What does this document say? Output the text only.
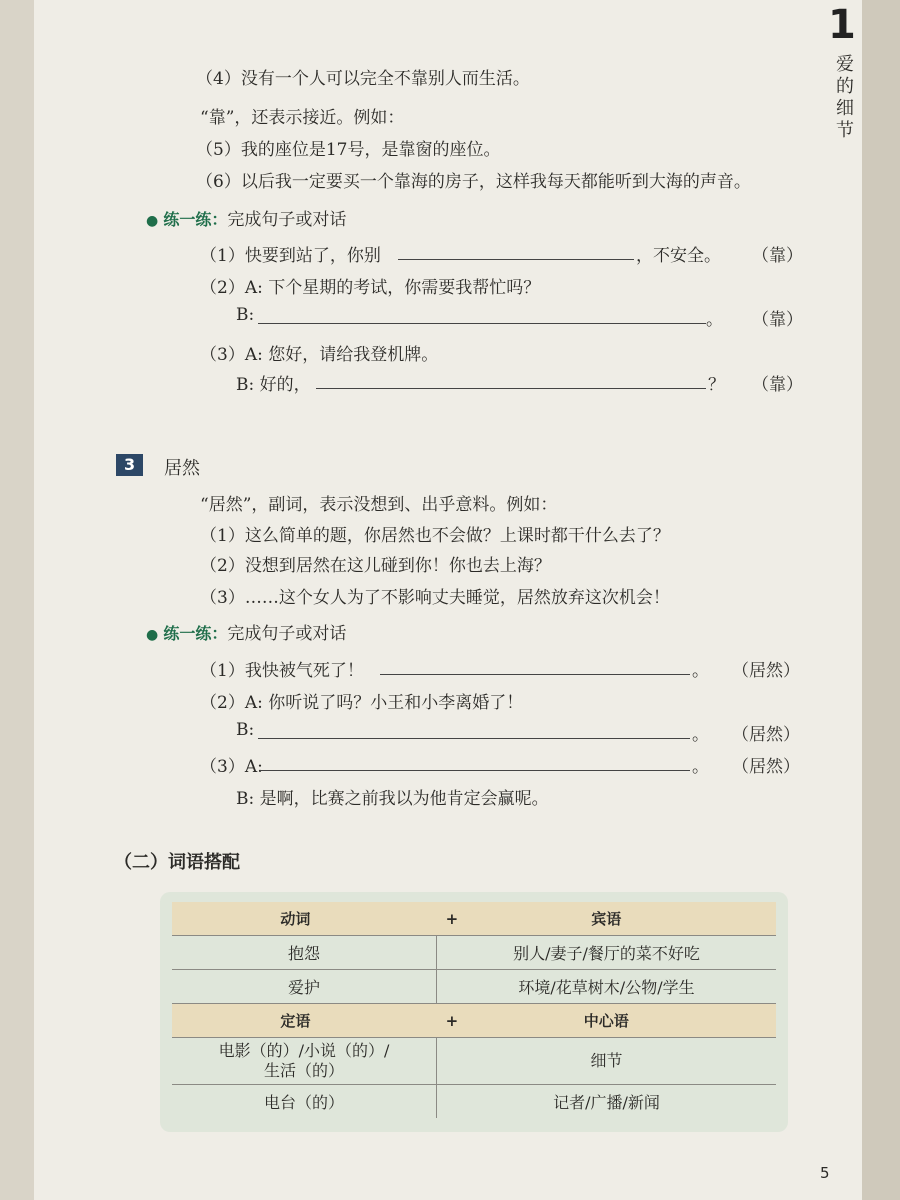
1
爱
的
细
节
（4）没有一个人可以完全不靠别人而生活。
“靠”，还表示接近。例如：
（5）我的座位是17号，是靠窗的座位。
（6）以后我一定要买一个靠海的房子，这样我每天都能听到大海的声音。
● 练一练：完成句子或对话
（1）快要到站了，你别	，不安全。 （靠）
（2）A: 下个星期的考试，你需要我帮忙吗？
B:	。 （靠）
（3）A: 您好，请给我登机牌。
B: 好的，	？ （靠）
3	居然
“居然”，副词，表示没想到、出乎意料。例如：
（1）这么简单的题，你居然也不会做？上课时都干什么去了？
（2）没想到居然在这儿碰到你！你也去上海？
（3）……这个女人为了不影响丈夫睡觉，居然放弃这次机会！
● 练一练：完成句子或对话
（1）我快被气死了！	。 （居然）
（2）A: 你听说了吗？小王和小李离婚了！
B:	。 （居然）
（3）A:	。 （居然）
B: 是啊，比赛之前我以为他肯定会赢呢。
（二）词语搭配
动词 +	宾语
抱怨	别人/妻子/餐厅的菜不好吃
爱护	环境/花草树木/公物/学生
定语 +	中心语

电影（的）/小说（的）/
生活（的）	细节
电台（的）	记者/广播/新闻
5
